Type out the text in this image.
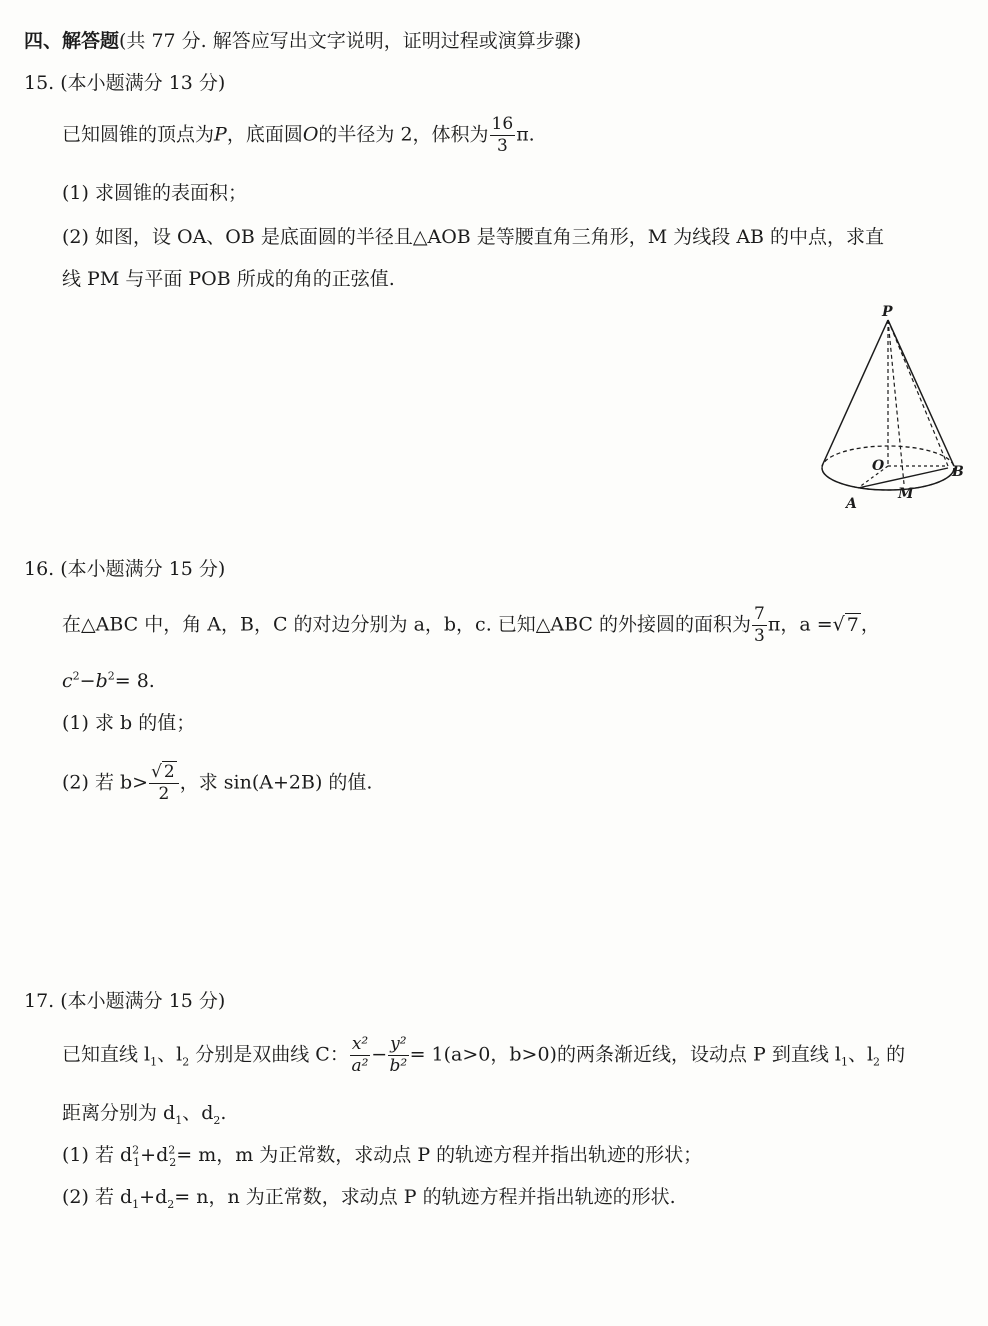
四、解答题(共 77 分. 解答应写出文字说明，证明过程或演算步骤)
15. (本小题满分 13 分)
已知圆锥的顶点为P，底面圆O的半径为 2，体积为 $\frac{16}{3} \pi$.
(1) 求圆锥的表面积；
(2) 如图，设 OA、OB 是底面圆的半径且△AOB 是等腰直角三角形，M 为线段 AB 的中点，求直
线 PM 与平面 POB 所成的角的正弦值.
P
O	B
A
M
16. (本小题满分 15 分)
在△ABC 中，角 A，B，C 的对边分别为 a，b，c. 已知△ABC 的外接圆的面积为 $\frac{7}{3}$ π，a =√ 7 ，
$c^2-b^2= 8$.
(1) 求 b 的值；
(2) 若 $b> \frac{√ 2}{2}$ ，求 sin(A+2B) 的值.
17. (本小题满分 15 分)
已知直线 $l_1$、$l_2$ 分别是双曲线 C： $\frac{\text{x²}}{\text{a²}} - \frac{\text{y²}}{\text{b²}} = 1(a>0$，b>0)的两条渐近线，设动点 P 到直线 $l_1$、$l_2$ 的
距离分别为 $d_1$、$d_2$.
(1) 若 $d^2_1+d^2_2= m$，m 为正常数，求动点 P 的轨迹方程并指出轨迹的形状；
(2) 若 $d_1+d_2= n$，n 为正常数，求动点 P 的轨迹方程并指出轨迹的形状.
